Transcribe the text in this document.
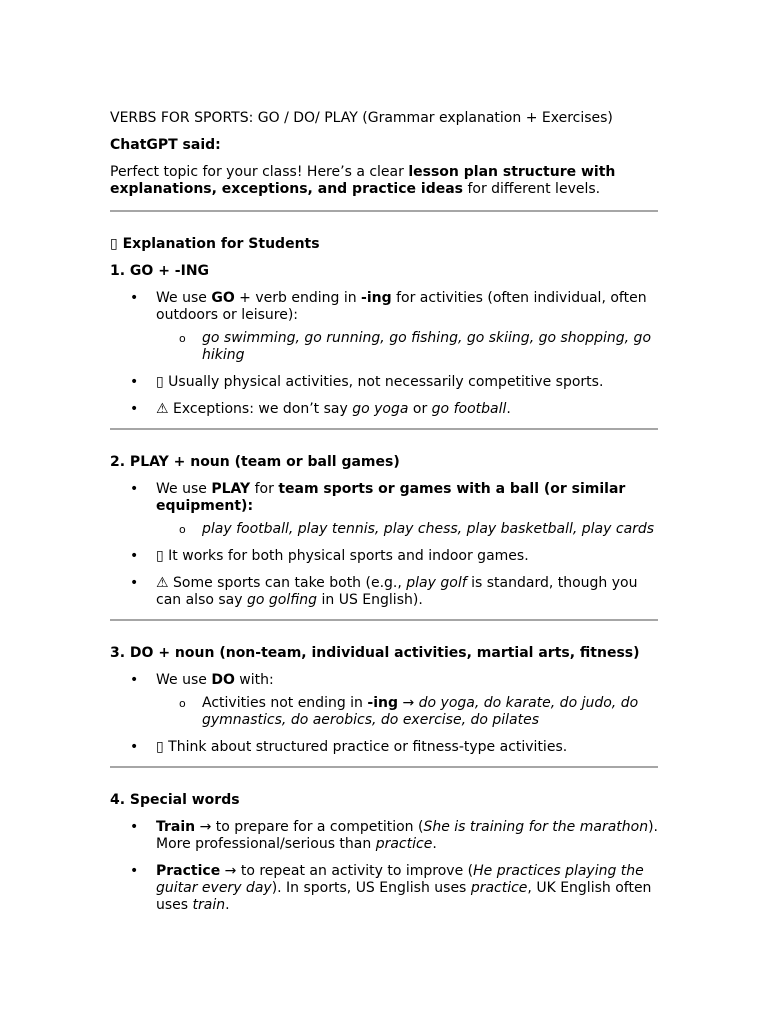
VERBS FOR SPORTS: GO / DO/ PLAY (Grammar explanation + Exercises)

ChatGPT said:

Perfect topic for your class! Here’s a clear lesson plan structure with explanations, exceptions, and practice ideas for different levels.

▯ Explanation for Students

1. GO + -ING

• We use GO + verb ending in -ing for activities (often individual, often outdoors or leisure):
o go swimming, go running, go fishing, go skiing, go shopping, go hiking
• ▯ Usually physical activities, not necessarily competitive sports.
• ⚠ Exceptions: we don’t say go yoga or go football.

2. PLAY + noun (team or ball games)

• We use PLAY for team sports or games with a ball (or similar equipment):
o play football, play tennis, play chess, play basketball, play cards
• ▯ It works for both physical sports and indoor games.
• ⚠ Some sports can take both (e.g., play golf is standard, though you can also say go golfing in US English).

3. DO + noun (non-team, individual activities, martial arts, fitness)

• We use DO with:
o Activities not ending in -ing → do yoga, do karate, do judo, do gymnastics, do aerobics, do exercise, do pilates
• ▯ Think about structured practice or fitness-type activities.

4. Special words

• Train → to prepare for a competition (She is training for the marathon). More professional/serious than practice.
• Practice → to repeat an activity to improve (He practices playing the guitar every day). In sports, US English uses practice, UK English often uses train.
